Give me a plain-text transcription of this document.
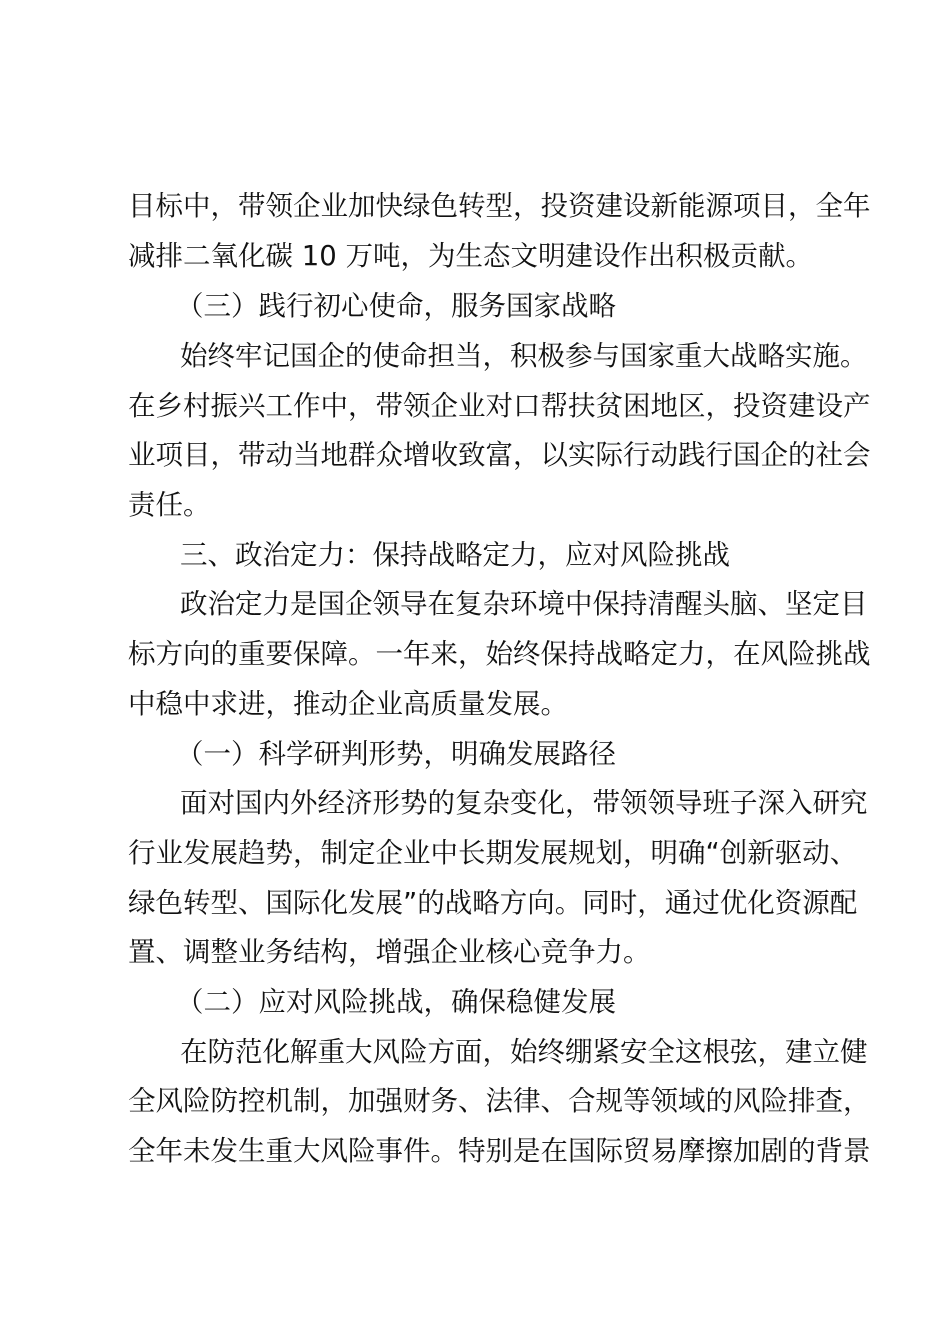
目标中，带领企业加快绿色转型，投资建设新能源项目，全年

减排二氧化碳 10 万吨，为生态文明建设作出积极贡献。

（三）践行初心使命，服务国家战略

始终牢记国企的使命担当，积极参与国家重大战略实施。

在乡村振兴工作中，带领企业对口帮扶贫困地区，投资建设产

业项目，带动当地群众增收致富，以实际行动践行国企的社会

责任。

三、政治定力：保持战略定力，应对风险挑战

政治定力是国企领导在复杂环境中保持清醒头脑、坚定目

标方向的重要保障。一年来，始终保持战略定力，在风险挑战

中稳中求进，推动企业高质量发展。

（一）科学研判形势，明确发展路径

面对国内外经济形势的复杂变化，带领领导班子深入研究

行业发展趋势，制定企业中长期发展规划，明确“创新驱动、

绿色转型、国际化发展”的战略方向。同时，通过优化资源配

置、调整业务结构，增强企业核心竞争力。

（二）应对风险挑战，确保稳健发展

在防范化解重大风险方面，始终绷紧安全这根弦，建立健

全风险防控机制，加强财务、法律、合规等领域的风险排查，

全年未发生重大风险事件。特别是在国际贸易摩擦加剧的背景
